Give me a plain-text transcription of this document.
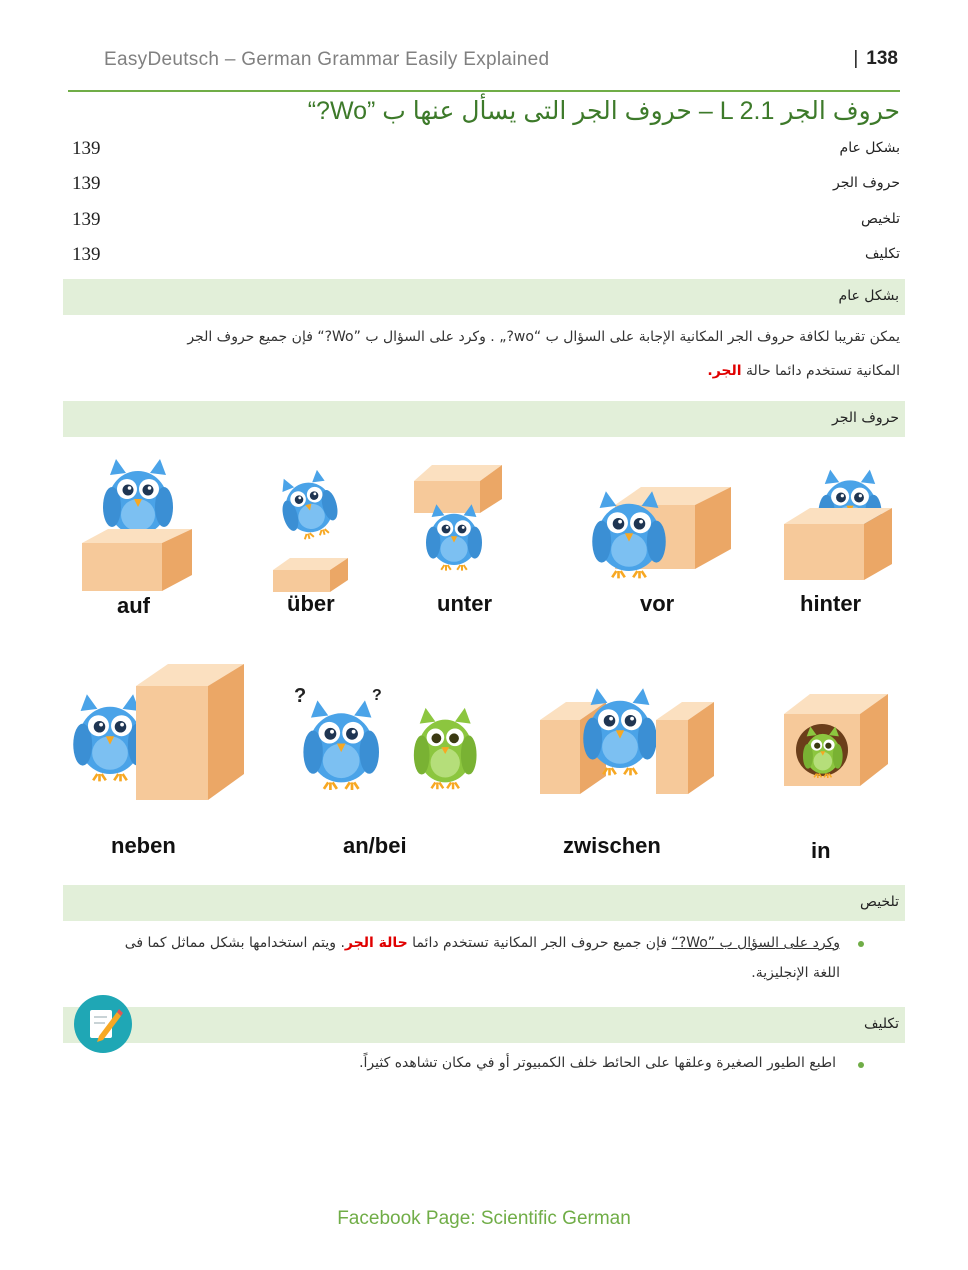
EasyDeutsch – German Grammar Easily Explained	| 138
حروف الجر L 2.1 – حروف الجر التى يسأل عنها ب ”Wo?“
139	بشكل عام
139	حروف الجر
139	تلخيص
139	تكليف
بشكل عام
يمكن تقريبا لكافة حروف الجر المكانية الإجابة على السؤال ب “wo?„ . وكرد على السؤال ب ”Wo?“ فإن جميع حروف الجر
المكانية تستخدم دائما حالة الجر.
حروف الجر
auf	über	unter	vor	hinter
?	?
neben	an/bei	zwischen	in
تلخيص
وكرد على السؤال ب ”Wo?“ فإن جميع حروف الجر المكانية تستخدم دائما حالة الجر. ويتم استخدامها بشكل مماثل كما فى
اللغة الإنجليزية.
تكليف
اطبع الطيور الصغيرة وعلقها على الحائط خلف الكمبيوتر أو في مكان تشاهده كثيراً.
Facebook Page: Scientific German
